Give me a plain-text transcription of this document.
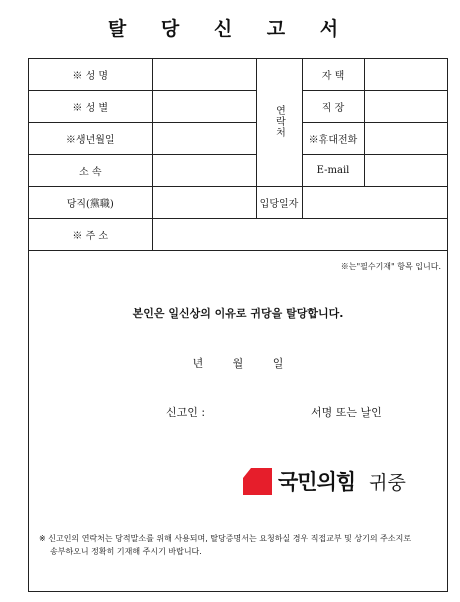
탈 당 신 고 서
※ 성 명		연락처	자 택	
※ 성 별			직 장	
※생년월일			※휴대전화	
소 속			E-mail	
당직(黨職)		입당일자		
※ 주 소				
※는"필수기재" 항목 입니다.
본인은 일신상의 이유로 귀당을 탈당합니다.
년 월 일
신고인 :	서명 또는 날인
국민의힘 귀중
※ 신고인의 연락처는 당적말소를 위해 사용되며, 탈당증명서는 요청하실 경우 직접교부 및 상기의 주소지로
송부하오니 정확히 기재해 주시기 바랍니다.
